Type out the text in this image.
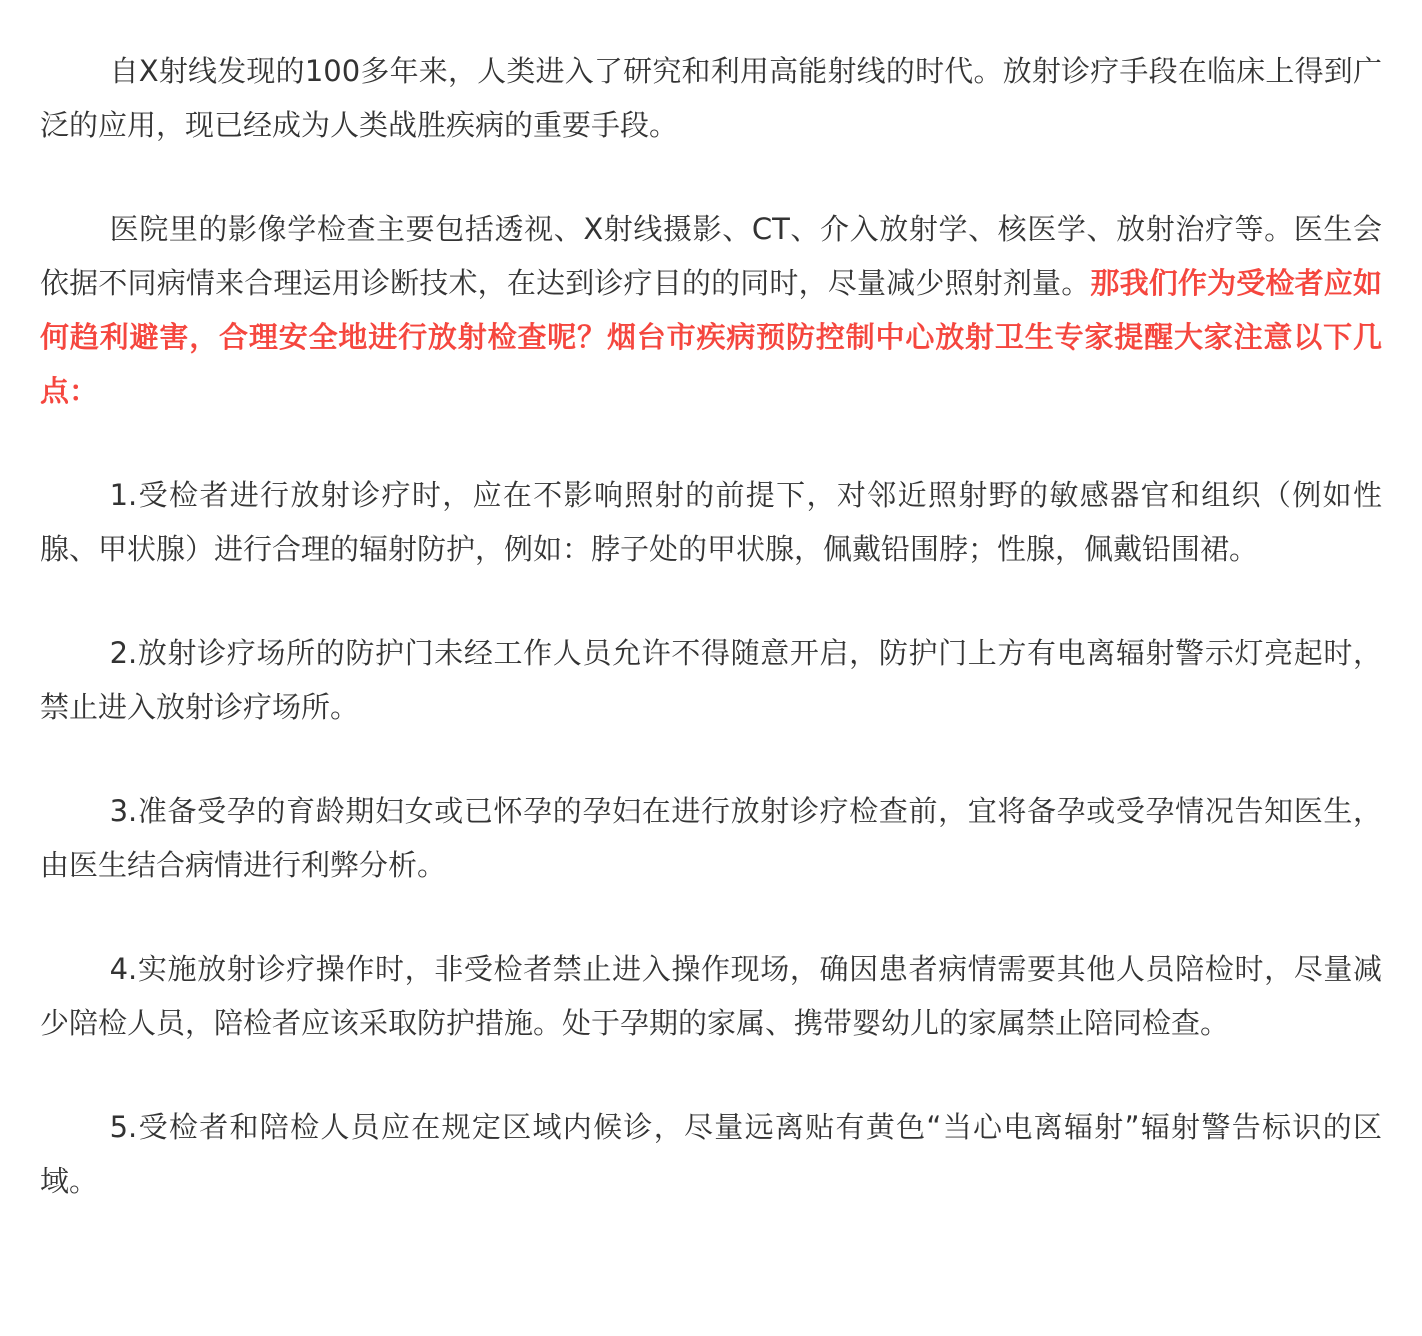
自X射线发现的100多年来，人类进入了研究和利用高能射线的时代。放射诊疗手段在临床上得到广泛的应用，现已经成为人类战胜疾病的重要手段。

医院里的影像学检查主要包括透视、X射线摄影、CT、介入放射学、核医学、放射治疗等。医生会依据不同病情来合理运用诊断技术，在达到诊疗目的的同时，尽量减少照射剂量。那我们作为受检者应如何趋利避害，合理安全地进行放射检查呢？烟台市疾病预防控制中心放射卫生专家提醒大家注意以下几点：

1.受检者进行放射诊疗时，应在不影响照射的前提下，对邻近照射野的敏感器官和组织（例如性腺、甲状腺）进行合理的辐射防护，例如：脖子处的甲状腺，佩戴铅围脖；性腺，佩戴铅围裙。

2.放射诊疗场所的防护门未经工作人员允许不得随意开启，防护门上方有电离辐射警示灯亮起时，禁止进入放射诊疗场所。

3.准备受孕的育龄期妇女或已怀孕的孕妇在进行放射诊疗检查前，宜将备孕或受孕情况告知医生，由医生结合病情进行利弊分析。

4.实施放射诊疗操作时，非受检者禁止进入操作现场，确因患者病情需要其他人员陪检时，尽量减少陪检人员，陪检者应该采取防护措施。处于孕期的家属、携带婴幼儿的家属禁止陪同检查。

5.受检者和陪检人员应在规定区域内候诊，尽量远离贴有黄色“当心电离辐射”辐射警告标识的区域。
